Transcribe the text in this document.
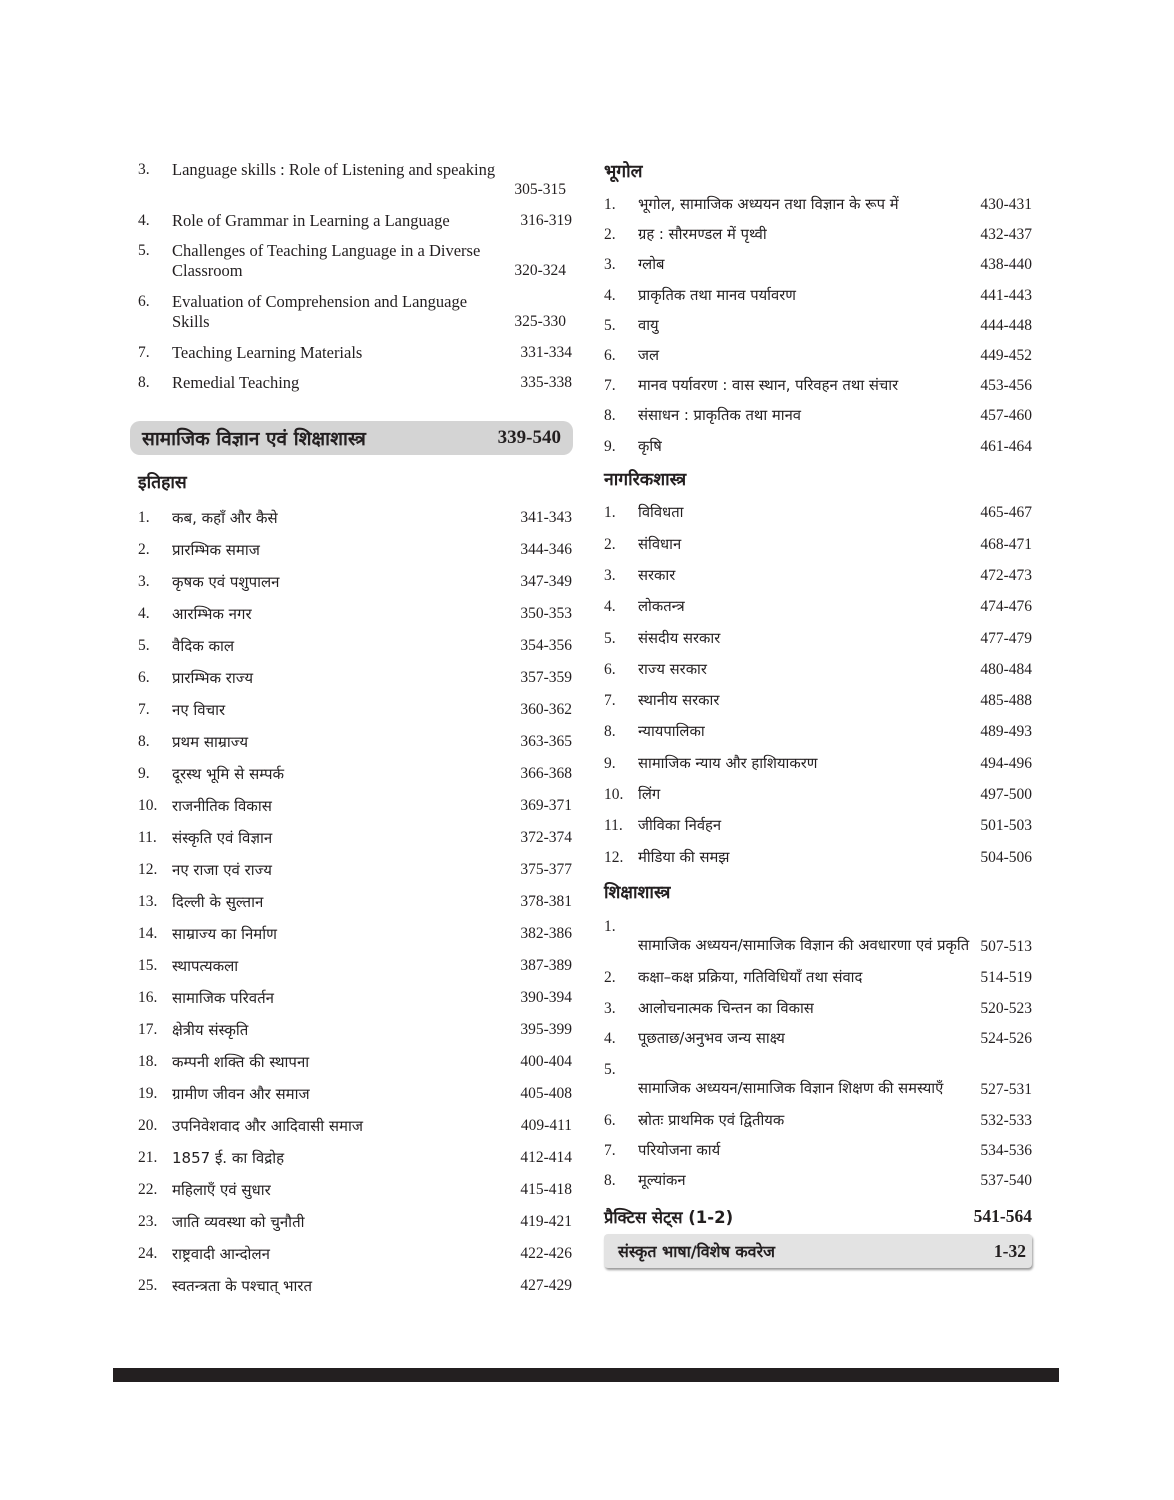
3.	Language skills : Role of Listening and speaking
305-315
4.	Role of Grammar in Learning a Language	316-319
5.	Challenges of Teaching Language in a Diverse Classroom	320-324
6.	Evaluation of Comprehension and Language Skills	325-330
7.	Teaching Learning Materials	331-334
8.	Remedial Teaching	335-338
सामाजिक विज्ञान एवं शिक्षाशास्त्र	339-540
इतिहास
1.	कब, कहाँ और कैसे	341-343
2.	प्रारम्भिक समाज	344-346
3.	कृषक एवं पशुपालन	347-349
4.	आरम्भिक नगर	350-353
5.	वैदिक काल	354-356
6.	प्रारम्भिक राज्य	357-359
7.	नए विचार	360-362
8.	प्रथम साम्राज्य	363-365
9.	दूरस्थ भूमि से सम्पर्क	366-368
10. राजनीतिक विकास	369-371
11.	संस्कृति एवं विज्ञान	372-374
12. नए राजा एवं राज्य	375-377
13. दिल्ली के सुल्तान	378-381
14. साम्राज्य का निर्माण	382-386
15. स्थापत्यकला	387-389
16. सामाजिक परिवर्तन	390-394
17. क्षेत्रीय संस्कृति	395-399
18. कम्पनी शक्ति की स्थापना	400-404
19. ग्रामीण जीवन और समाज	405-408
20. उपनिवेशवाद और आदिवासी समाज	409-411
21. 1857 ई. का विद्रोह	412-414
22. महिलाएँ एवं सुधार	415-418
23. जाति व्यवस्था को चुनौती	419-421
24. राष्ट्रवादी आन्दोलन	422-426
25. स्वतन्त्रता के पश्चात् भारत	427-429
भूगोल
1.	भूगोल, सामाजिक अध्ययन तथा विज्ञान के रूप में	430-431
2.	ग्रह : सौरमण्डल में पृथ्वी	432-437
3.	ग्लोब	438-440
4.	प्राकृतिक तथा मानव पर्यावरण	441-443
5.	वायु	444-448
6.	जल	449-452
7.	मानव पर्यावरण : वास स्थान, परिवहन तथा संचार	453-456
8.	संसाधन : प्राकृतिक तथा मानव	457-460
9.	कृषि	461-464
नागरिकशास्त्र
1.	विविधता	465-467
2.	संविधान	468-471
3.	सरकार	472-473
4.	लोकतन्त्र	474-476
5.	संसदीय सरकार	477-479
6.	राज्य सरकार	480-484
7.	स्थानीय सरकार	485-488
8.	न्यायपालिका	489-493
9.	सामाजिक न्याय और हाशियाकरण	494-496
10. लिंग	497-500
11.	जीविका निर्वहन	501-503
12. मीडिया की समझ	504-506
शिक्षाशास्त्र
1.
सामाजिक अध्ययन/सामाजिक विज्ञान की अवधारणा एवं प्रकृति 507-513
2.	कक्षा–कक्ष प्रक्रिया, गतिविधियाँ तथा संवाद	514-519
3.	आलोचनात्मक चिन्तन का विकास	520-523
4.	पूछताछ/अनुभव जन्य साक्ष्य	524-526
5.
सामाजिक अध्ययन/सामाजिक विज्ञान शिक्षण की समस्याएँ	527-531
6.	स्रोतः प्राथमिक एवं द्वितीयक	532-533
7.	परियोजना कार्य	534-536
8.	मूल्यांकन	537-540
प्रैक्टिस सेट्स (1-2)	541-564
संस्कृत भाषा/विशेष कवरेज	1-32
